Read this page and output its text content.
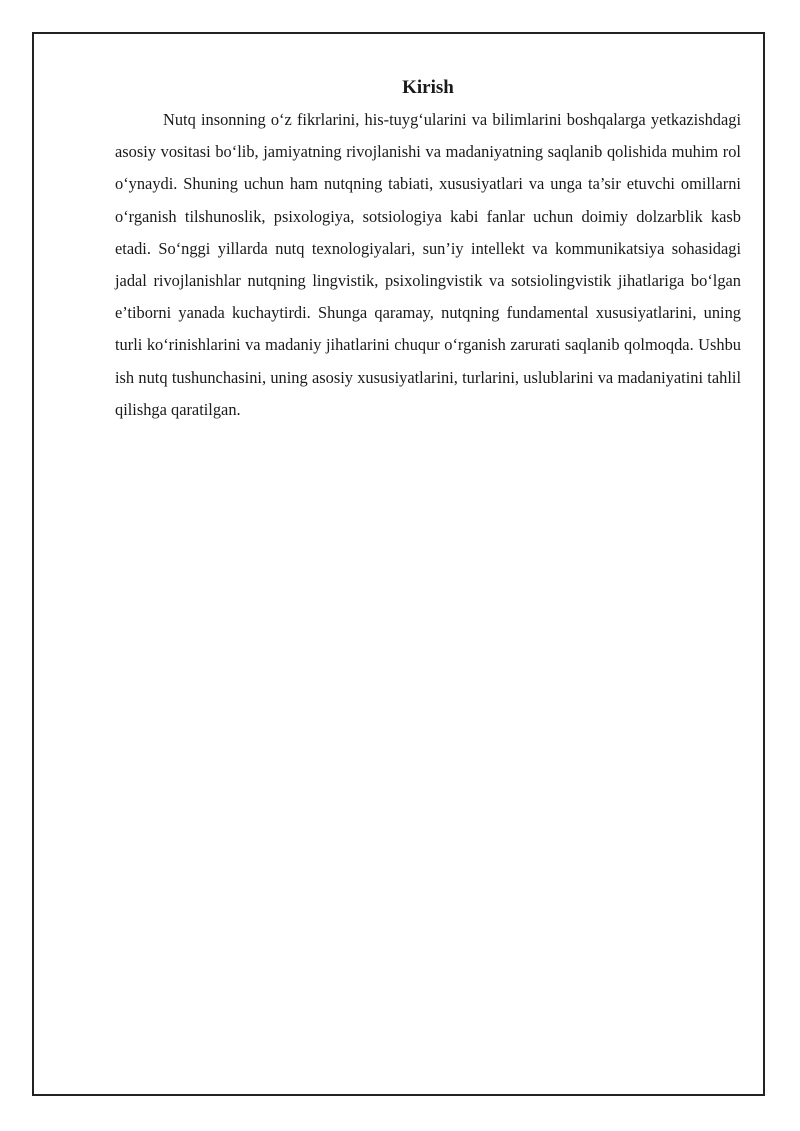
Kirish

Nutq insonning o‘z fikrlarini, his-tuyg‘ularini va bilimlarini boshqalarga yetkazishdagi asosiy vositasi bo‘lib, jamiyatning rivojlanishi va madaniyatning saqlanib qolishida muhim rol o‘ynaydi. Shuning uchun ham nutqning tabiati, xususiyatlari va unga ta’sir etuvchi omillarni o‘rganish tilshunoslik, psixologiya, sotsiologiya kabi fanlar uchun doimiy dolzarblik kasb etadi. So‘nggi yillarda nutq texnologiyalari, sun’iy intellekt va kommunikatsiya sohasidagi jadal rivojlanishlar nutqning lingvistik, psixolingvistik va sotsiolingvistik jihatlariga bo‘lgan e’tiborni yanada kuchaytirdi. Shunga qaramay, nutqning fundamental xususiyatlarini, uning turli ko‘rinishlarini va madaniy jihatlarini chuqur o‘rganish zarurati saqlanib qolmoqda. Ushbu ish nutq tushunchasini, uning asosiy xususiyatlarini, turlarini, uslublarini va madaniyatini tahlil qilishga qaratilgan.
